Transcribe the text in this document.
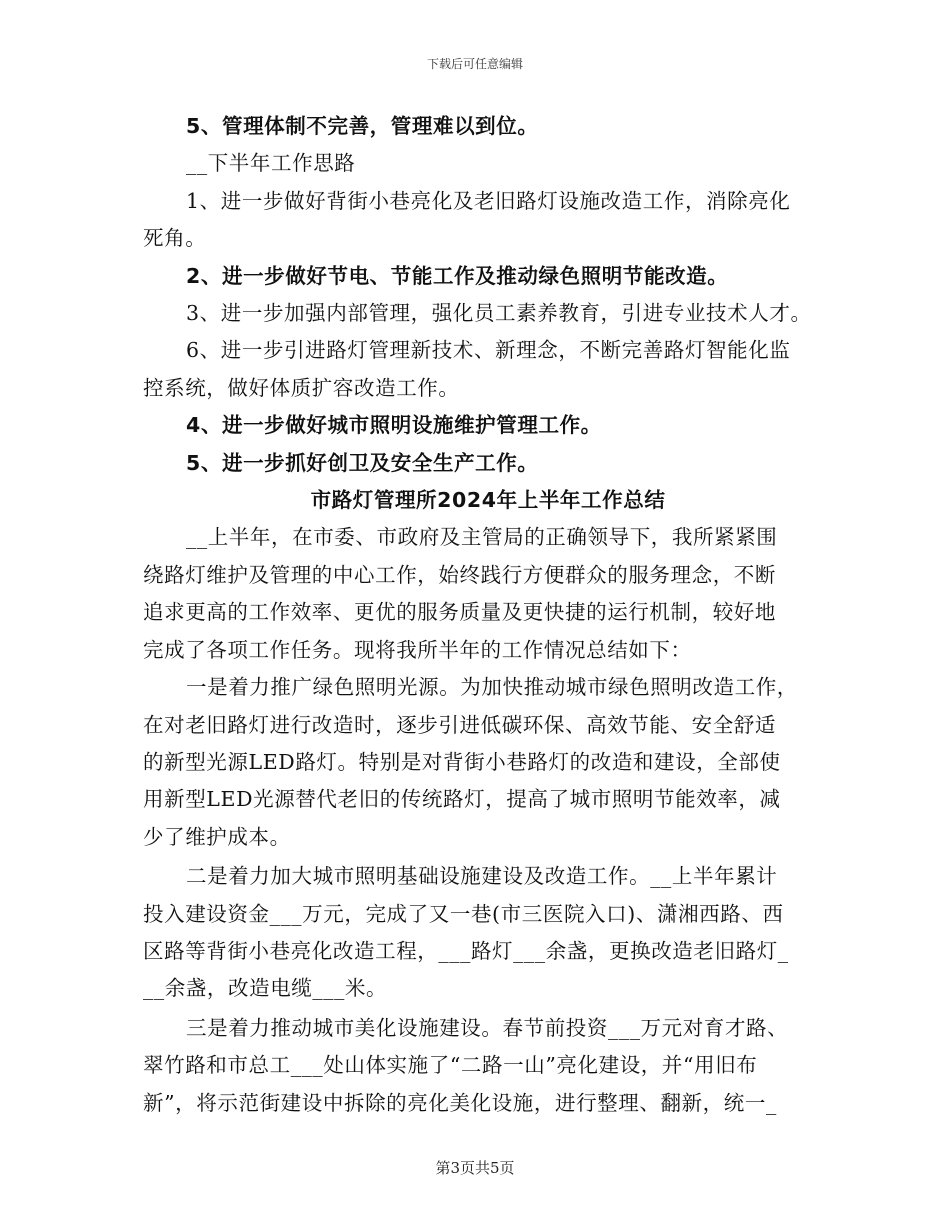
下载后可任意编辑

5、管理体制不完善，管理难以到位。

__下半年工作思路

1、进一步做好背街小巷亮化及老旧路灯设施改造工作，消除亮化

死角。

2、进一步做好节电、节能工作及推动绿色照明节能改造。

3、进一步加强内部管理，强化员工素养教育，引进专业技术人才。

6、进一步引进路灯管理新技术、新理念，不断完善路灯智能化监

控系统，做好体质扩容改造工作。

4、进一步做好城市照明设施维护管理工作。

5、进一步抓好创卫及安全生产工作。

市路灯管理所2024年上半年工作总结

__上半年，在市委、市政府及主管局的正确领导下，我所紧紧围

绕路灯维护及管理的中心工作，始终践行方便群众的服务理念，不断

追求更高的工作效率、更优的服务质量及更快捷的运行机制，较好地

完成了各项工作任务。现将我所半年的工作情况总结如下：

一是着力推广绿色照明光源。为加快推动城市绿色照明改造工作，

在对老旧路灯进行改造时，逐步引进低碳环保、高效节能、安全舒适

的新型光源LED路灯。特别是对背街小巷路灯的改造和建设，全部使

用新型LED光源替代老旧的传统路灯，提高了城市照明节能效率，减

少了维护成本。

二是着力加大城市照明基础设施建设及改造工作。__上半年累计

投入建设资金___万元，完成了又一巷(市三医院入口)、潇湘西路、西

区路等背街小巷亮化改造工程，___路灯___余盏，更换改造老旧路灯_

__余盏，改造电缆___米。

三是着力推动城市美化设施建设。春节前投资___万元对育才路、

翠竹路和市总工___处山体实施了“二路一山”亮化建设，并“用旧布

新”，将示范街建设中拆除的亮化美化设施，进行整理、翻新，统一_

第3页共5页
